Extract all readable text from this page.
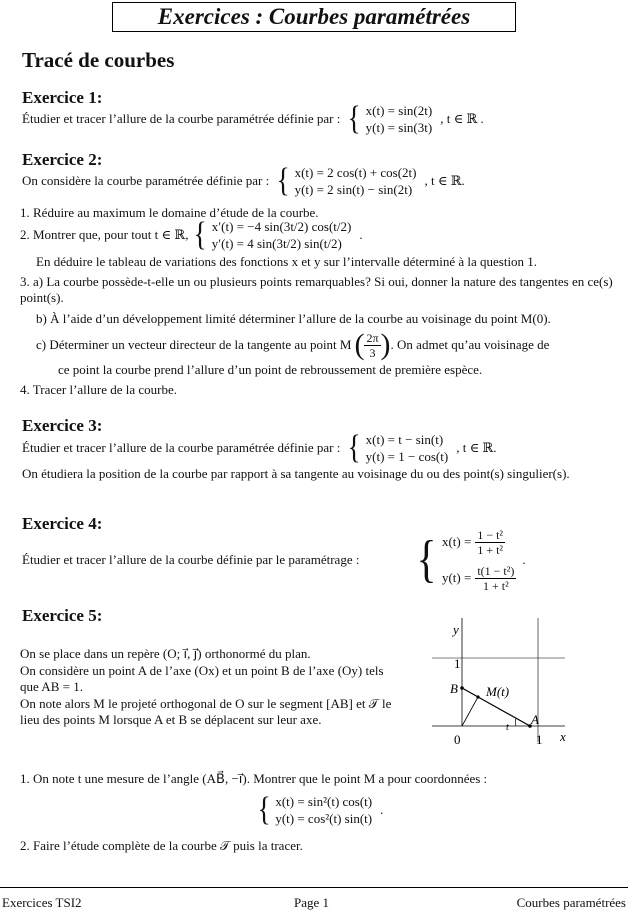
Exercices : Courbes paramétrées
Tracé de courbes
Exercice 1:
Étudier et tracer l’allure de la courbe paramétrée définie par : { x(t) = sin(2t)
y(t) = sin(3t)
, t ∈ ℝ .
Exercice 2:
On considère la courbe paramétrée définie par : { x(t) = 2 cos(t) + cos(2t)
y(t) = 2 sin(t) − sin(2t)
, t ∈ ℝ.
1. Réduire au maximum le domaine d’étude de la courbe.
2. Montrer que, pour tout t ∈ ℝ, { x′(t) = −4 sin(3t/2) cos(t/2)
y′(t) = 4 sin(3t/2) sin(t/2)
.
En déduire le tableau de variations des fonctions x et y sur l’intervalle déterminé à la question 1.
3. a) La courbe possède-t-elle un ou plusieurs points remarquables? Si oui, donner la nature des tangentes en ce(s) point(s).
b) À l’aide d’un développement limité déterminer l’allure de la courbe au voisinage du point M(0).
c) Déterminer un vecteur directeur de la tangente au point M ( $\frac{2\pi}{3}$ ) . On admet qu’au voisinage de
ce point la courbe prend l’allure d’un point de rebroussement de première espèce.
4. Tracer l’allure de la courbe.
Exercice 3:
Étudier et tracer l’allure de la courbe paramétrée définie par : { x(t) = t − sin(t)
y(t) = 1 − cos(t)
, t ∈ ℝ.
On étudiera la position de la courbe par rapport à sa tangente au voisinage du ou des point(s) singulier(s).
Exercice 4:
Étudier et tracer l’allure de la courbe définie par le paramétrage : { $x(t) = \frac{\text{1 − t²}}{\text{1 + t²}}$
$y(t) = \frac{\text{t(1 − t²)}}{\text{1 + t²}}$
.
Exercice 5:
On se place dans un repère (O; i⃗, j⃗) orthonormé du plan.
On considère un point A de l’axe (Ox) et un point B de l’axe (Oy) tels que AB = 1.
On note alors M le projeté orthogonal de O sur le segment [AB] et 𝒯 le lieu des points M lorsque A et B se déplacent sur leur axe.
y
x
1
1
0
B
A
M(t)
t
1. On note t une mesure de l’angle (AB⃗, −i⃗). Montrer que le point M a pour coordonnées :
{ x(t) = sin²(t) cos(t)
y(t) = cos²(t) sin(t)
.
2. Faire l’étude complète de la courbe 𝒯 puis la tracer.
Exercices TSI2	Page 1	Courbes paramétrées
